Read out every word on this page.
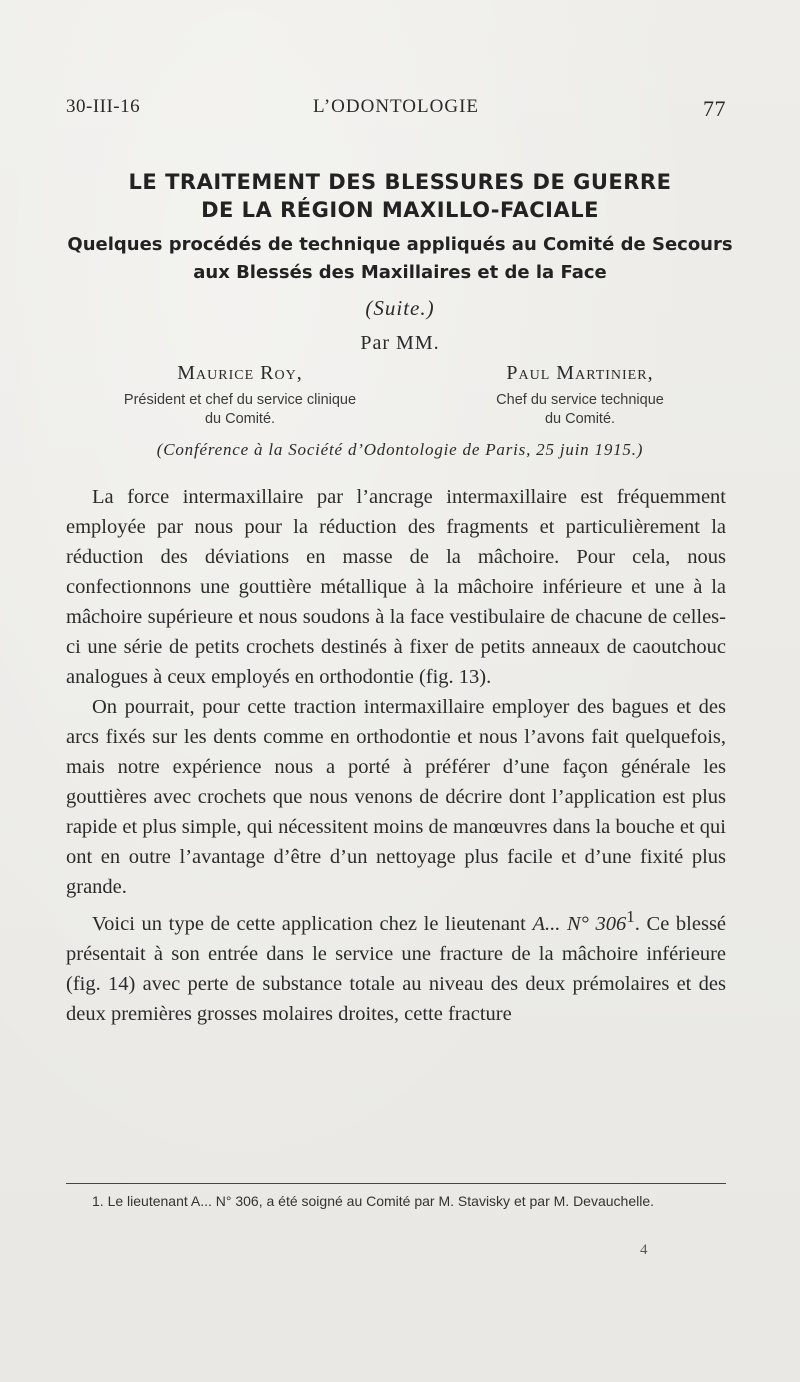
30-III-16	L’ODONTOLOGIE	77
LE TRAITEMENT DES BLESSURES DE GUERRE
DE LA RÉGION MAXILLO-FACIALE
Quelques procédés de technique appliqués au Comité de Secours
aux Blessés des Maxillaires et de la Face
(Suite.)
Par MM.
Maurice Roy,
Président et chef du service clinique
du Comité.
Paul Martinier,
Chef du service technique
du Comité.
(Conférence à la Société d’Odontologie de Paris, 25 juin 1915.)

La force intermaxillaire par l’ancrage intermaxillaire est fréquemment employée par nous pour la réduction des fragments et particulièrement la réduction des déviations en masse de la mâchoire. Pour cela, nous confectionnons une gouttière métallique à la mâchoire inférieure et une à la mâchoire supérieure et nous soudons à la face vestibulaire de chacune de celles-ci une série de petits crochets destinés à fixer de petits anneaux de caoutchouc analogues à ceux employés en orthodontie (fig. 13).

On pourrait, pour cette traction intermaxillaire employer des bagues et des arcs fixés sur les dents comme en orthodontie et nous l’avons fait quelquefois, mais notre expérience nous a porté à préférer d’une façon générale les gouttières avec crochets que nous venons de décrire dont l’application est plus rapide et plus simple, qui nécessitent moins de manœuvres dans la bouche et qui ont en outre l’avantage d’être d’un nettoyage plus facile et d’une fixité plus grande.

Voici un type de cette application chez le lieutenant A... N° $306^1$. Ce blessé présentait à son entrée dans le service une fracture de la mâchoire inférieure (fig. 14) avec perte de substance totale au niveau des deux prémolaires et des deux premières grosses molaires droites, cette fracture

1. Le lieutenant A... N° 306, a été soigné au Comité par M. Stavisky et par M. Devauchelle.
4
